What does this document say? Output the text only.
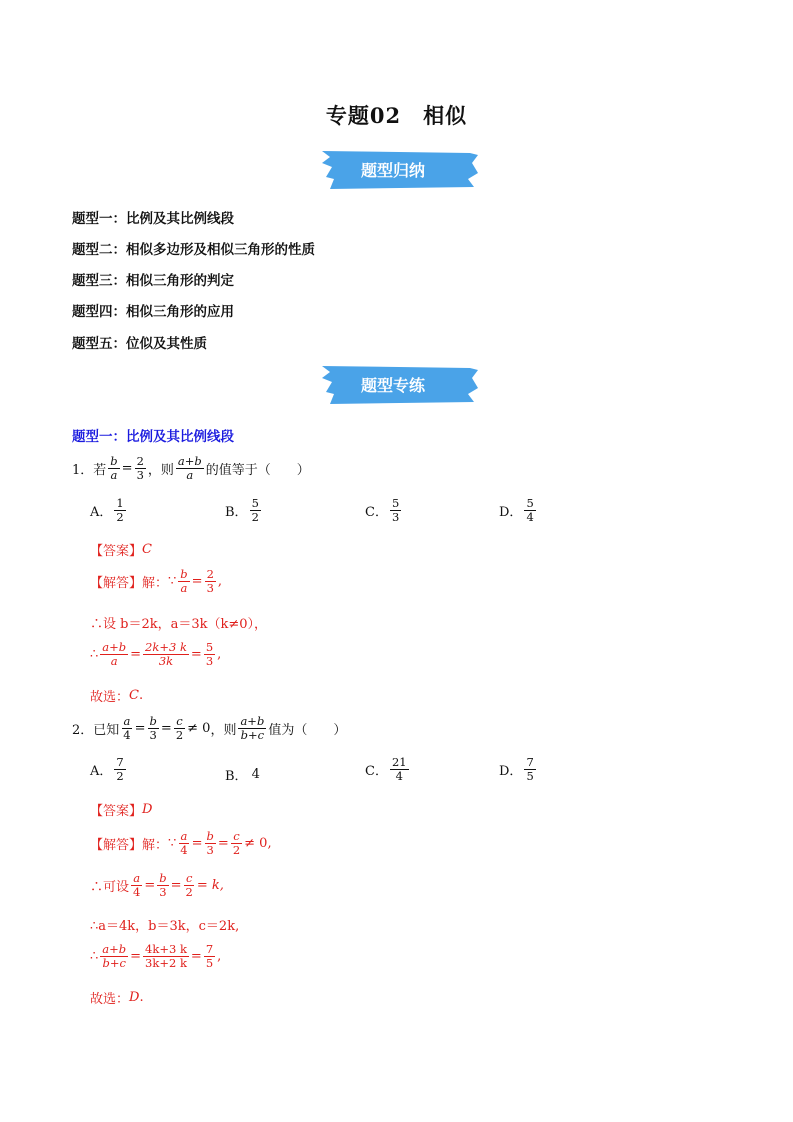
专题02　相似
题型归纳
题型一：比例及其比例线段
题型二：相似多边形及相似三角形的性质
题型三：相似三角形的判定
题型四：相似三角形的应用
题型五：位似及其性质
题型专练
题型一：比例及其比例线段
1． 若 $\frac{b}{a} = \frac{2}{3}$ ，则 $\frac{a+b}{a}$ 的值等于（　　）
A． $\frac{1}{2}$	B． $\frac{5}{2}$	C． $\frac{5}{3}$	D． $\frac{5}{4}$
【答案】 C
【解答】解： ∵ $\frac{b}{a} = \frac{2}{3}$ ,
∴设 b＝2k，a＝3k（k≠0），
∴ $\frac{a+b}{a} = \frac{2k+3 k}{3k} = \frac{5}{3}$ ,
故选： C .
2． 已知 $\frac{a}{4} = \frac{b}{3} = \frac{c}{2} \ne 0$ ，则 $\frac{a+b}{b+c}$ 值为（　　）
A． $\frac{7}{2}$	B． 4	C． $\frac{21}{4}$	D． $\frac{7}{5}$
【答案】 D
【解答】解： ∵ $\frac{a}{4} = \frac{b}{3} = \frac{c}{2} \ne 0$ ,
∴可设 $\frac{a}{4} = \frac{b}{3} = \frac{c}{2} = k$,
∴a＝4k，b＝3k，c＝2k,
∴ $\frac{a+b}{b+c} = \frac{4k+3 k}{3k+2 k} = \frac{7}{5}$ ,
故选： D .
